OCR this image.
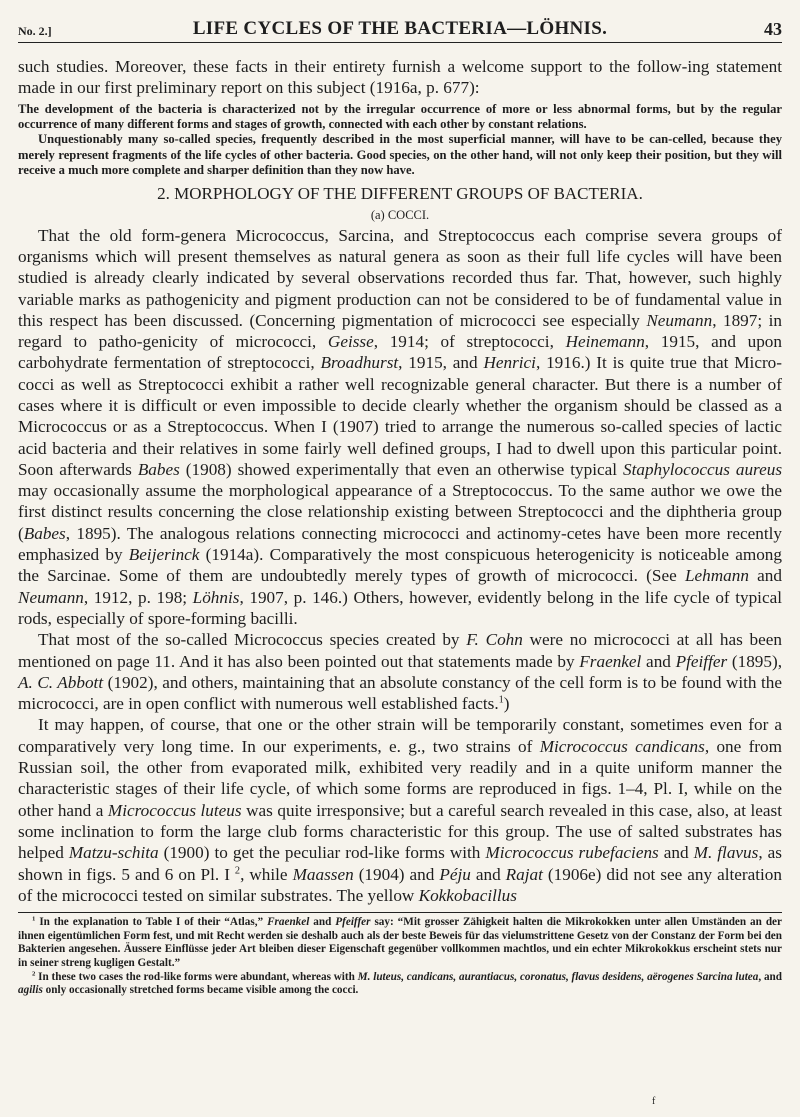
No. 2.]	LIFE CYCLES OF THE BACTERIA—LÖHNIS.	43

such studies. Moreover, these facts in their entirety furnish a welcome support to the follow-ing statement made in our first preliminary report on this subject (1916a, p. 677):

The development of the bacteria is characterized not by the irregular occurrence of more or less abnormal forms, but by the regular occurrence of many different forms and stages of growth, connected with each other by constant relations.

Unquestionably many so-called species, frequently described in the most superficial manner, will have to be can-celled, because they merely represent fragments of the life cycles of other bacteria. Good species, on the other hand, will not only keep their position, but they will receive a much more complete and sharper definition than they now have.

2. MORPHOLOGY OF THE DIFFERENT GROUPS OF BACTERIA.
(a) COCCI.

That the old form-genera Micrococcus, Sarcina, and Streptococcus each comprise severa groups of organisms which will present themselves as natural genera as soon as their full life cycles will have been studied is already clearly indicated by several observations recorded thus far. That, however, such highly variable marks as pathogenicity and pigment production can not be considered to be of fundamental value in this respect has been discussed. (Concerning pigmentation of micrococci see especially Neumann, 1897; in regard to patho-genicity of micrococci, Geisse, 1914; of streptococci, Heinemann, 1915, and upon carbohydrate fermentation of streptococci, Broadhurst, 1915, and Henrici, 1916.) It is quite true that Micro-cocci as well as Streptococci exhibit a rather well recognizable general character. But there is a number of cases where it is difficult or even impossible to decide clearly whether the organism should be classed as a Micrococcus or as a Streptococcus. When I (1907) tried to arrange the numerous so-called species of lactic acid bacteria and their relatives in some fairly well defined groups, I had to dwell upon this particular point. Soon afterwards Babes (1908) showed experimentally that even an otherwise typical Staphylococcus aureus may occasionally assume the morphological appearance of a Streptococcus. To the same author we owe the first distinct results concerning the close relationship existing between Streptococci and the diphtheria group (Babes, 1895). The analogous relations connecting micrococci and actinomy-cetes have been more recently emphasized by Beijerinck (1914a). Comparatively the most conspicuous heterogenicity is noticeable among the Sarcinae. Some of them are undoubtedly merely types of growth of micrococci. (See Lehmann and Neumann, 1912, p. 198; Löhnis, 1907, p. 146.) Others, however, evidently belong in the life cycle of typical rods, especially of spore-forming bacilli.

That most of the so-called Micrococcus species created by F. Cohn were no micrococci at all has been mentioned on page 11. And it has also been pointed out that statements made by Fraenkel and Pfeiffer (1895), A. C. Abbott (1902), and others, maintaining that an absolute constancy of the cell form is to be found with the micrococci, are in open conflict with numerous well established facts.$^1$)

It may happen, of course, that one or the other strain will be temporarily constant, sometimes even for a comparatively very long time. In our experiments, e. g., two strains of Micrococcus candicans, one from Russian soil, the other from evaporated milk, exhibited very readily and in a quite uniform manner the characteristic stages of their life cycle, of which some forms are reproduced in figs. 1–4, Pl. I, while on the other hand a Micrococcus luteus was quite irresponsive; but a careful search revealed in this case, also, at least some inclination to form the large club forms characteristic for this group. The use of salted substrates has helped Matzu-schita (1900) to get the peculiar rod-like forms with Micrococcus rubefaciens and M. flavus, as shown in figs. 5 and 6 on Pl. I $^2$, while Maassen (1904) and Péju and Rajat (1906e) did not see any alteration of the micrococci tested on similar substrates. The yellow Kokkobacillus

$^1$ In the explanation to Table I of their “Atlas,” Fraenkel and Pfeiffer say: “Mit grosser Zähigkeit halten die Mikrokokken unter allen Umständen an der ihnen eigentümlichen Form fest, und mit Recht werden sie deshalb auch als der beste Beweis für das vielumstrittene Gesetz von der Constanz der Form bei den Bakterien angesehen. Äussere Einflüsse jeder Art bleiben dieser Eigenschaft gegenüber vollkommen machtlos, und ein echter Mikrokokkus erscheint stets nur in seiner streng kugligen Gestalt.”

$^2$ In these two cases the rod-like forms were abundant, whereas with M. luteus, candicans, aurantiacus, coronatus, flavus desidens, aërogenes Sarcina lutea, and agilis only occasionally stretched forms became visible among the cocci.

f
